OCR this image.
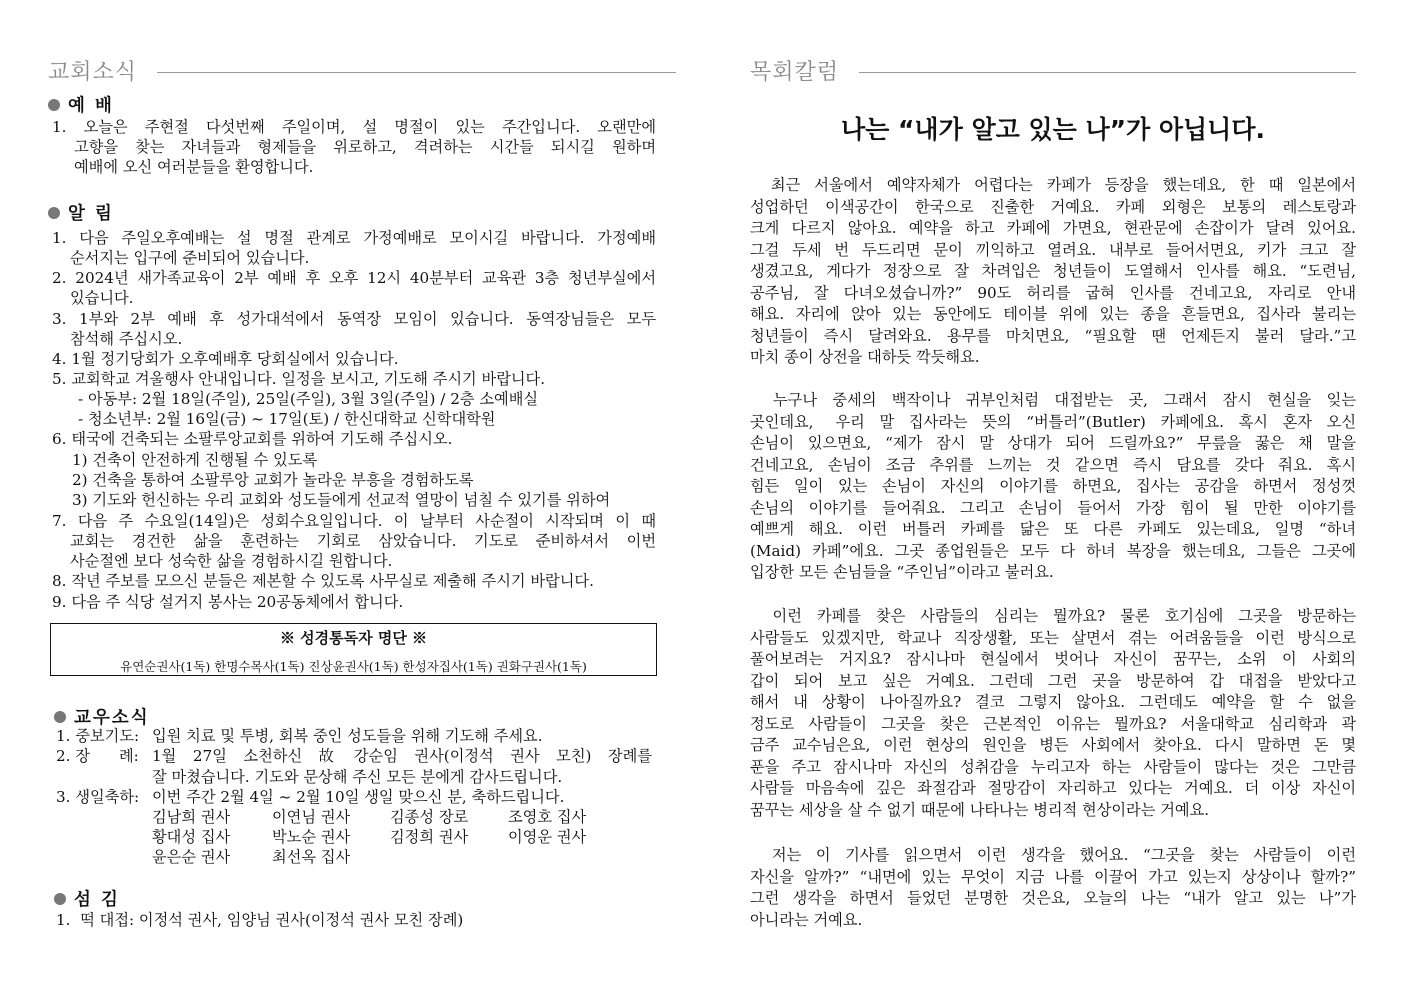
교회소식
예 배
1.  오늘은  주현절  다섯번째  주일이며,  설  명절이  있는  주간입니다.  오랜만에
고향을  찾는  자녀들과  형제들을  위로하고,  격려하는  시간들  되시길  원하며
예배에 오신 여러분들을 환영합니다.
알 림
1. 다음 주일오후예배는 설 명절 관계로 가정예배로 모이시길 바랍니다. 가정예배
순서지는 입구에 준비되어 있습니다.
2. 2024년 새가족교육이 2부 예배 후 오후 12시 40분부터 교육관 3층 청년부실에서
있습니다.
3.  1부와  2부  예배  후  성가대석에서  동역장  모임이  있습니다.  동역장님들은  모두
참석해 주십시오.
4. 1월 정기당회가 오후예배후 당회실에서 있습니다.
5. 교회학교 겨울행사 안내입니다. 일정을 보시고, 기도해 주시기 바랍니다.
- 아동부: 2월 18일(주일), 25일(주일), 3월 3일(주일) / 2층 소예배실
- 청소년부: 2월 16일(금) ~ 17일(토) / 한신대학교 신학대학원
6. 태국에 건축되는 소팔루앙교회를 위하여 기도해 주십시오.
1) 건축이 안전하게 진행될 수 있도록
2) 건축을 통하여 소팔루앙 교회가 놀라운 부흥을 경험하도록
3) 기도와 헌신하는 우리 교회와 성도들에게 선교적 열망이 넘칠 수 있기를 위하여
7.  다음  주  수요일(14일)은  성회수요일입니다.  이  날부터  사순절이  시작되며  이  때
교회는  경건한  삶을  훈련하는  기회로  삼았습니다.  기도로  준비하셔서  이번
사순절엔 보다 성숙한 삶을 경험하시길 원합니다.
8. 작년 주보를 모으신 분들은 제본할 수 있도록 사무실로 제출해 주시기 바랍니다.
9. 다음 주 식당 설거지 봉사는 20공동체에서 합니다.
※ 성경통독자 명단 ※
유연순권사(1독) 한명수목사(1독) 진상윤권사(1독) 한성자집사(1독) 권화구권사(1독)
교우소식
1. 중보기도: 입원 치료 및 투병, 회복 중인 성도들을 위해 기도해 주세요.
2. 장      례: 1월  27일  소천하신  故  강순임  권사(이정석  권사  모친)  장례를
잘 마쳤습니다. 기도와 문상해 주신 모든 분에게 감사드립니다.
3. 생일축하: 이번 주간 2월 4일 ~ 2월 10일 생일 맞으신 분, 축하드립니다.
김남희 권사	이연님 권사	김종성 장로	조영호 집사
황대성 집사	박노순 권사	김정희 권사	이영운 권사
윤은순 권사	최선옥 집사
섬 김
1.  떡 대접: 이정석 권사, 임양님 권사(이정석 권사 모친 장례)
목회칼럼
나는 “내가 알고 있는 나”가 아닙니다.
최근  서울에서  예약자체가  어렵다는  카페가  등장을  했는데요,  한  때  일본에서
성업하던  이색공간이  한국으로  진출한  거예요.  카페  외형은  보통의  레스토랑과
크게  다르지  않아요.  예약을  하고  카페에  가면요,  현관문에  손잡이가  달려  있어요.
그걸  두세  번  두드리면  문이  끼익하고  열려요.  내부로  들어서면요,  키가  크고  잘
생겼고요,  게다가  정장으로  잘  차려입은  청년들이  도열해서  인사를  해요.  “도련님,
공주님,  잘  다녀오셨습니까?”  90도  허리를  굽혀  인사를  건네고요,  자리로  안내
해요.  자리에  앉아  있는  동안에도  테이블  위에  있는  종을  흔들면요,  집사라  불리는
청년들이  즉시  달려와요.  용무를  마치면요,  “필요할  땐  언제든지  불러  달라.”고
마치 종이 상전을 대하듯 깍듯해요.
누구나  중세의  백작이나  귀부인처럼  대접받는  곳,  그래서  잠시  현실을  잊는
곳인데요,   우리  말  집사라는  뜻의  “버틀러”(Butler)  카페에요.  혹시  혼자  오신
손님이  있으면요,  “제가  잠시  말  상대가  되어  드릴까요?”  무릎을  꿇은  채  말을
건네고요,  손님이  조금  추위를  느끼는  것  같으면  즉시  담요를  갖다  줘요.  혹시
힘든  일이  있는  손님이  자신의  이야기를  하면요,  집사는  공감을  하면서  정성껏
손님의  이야기를  들어줘요.  그리고  손님이  들어서  가장  힘이  될  만한  이야기를
예쁘게  해요.  이런  버틀러  카페를  닮은  또  다른  카페도  있는데요,  일명  “하녀
(Maid)  카페”에요.  그곳  종업원들은  모두  다  하녀  복장을  했는데요,  그들은  그곳에
입장한 모든 손님들을 “주인님”이라고 불러요.
이런  카페를  찾은  사람들의  심리는  뭘까요?  물론  호기심에  그곳을  방문하는
사람들도  있겠지만,  학교나  직장생활,  또는  살면서  겪는  어려움들을  이런  방식으로
풀어보려는  거지요?  잠시나마  현실에서  벗어나  자신이  꿈꾸는,  소위  이  사회의
갑이  되어  보고  싶은  거예요.  그런데  그런  곳을  방문하여  갑  대접을  받았다고
해서  내  상황이  나아질까요?  결코  그렇지  않아요.  그런데도  예약을  할  수  없을
정도로  사람들이  그곳을  찾은  근본적인  이유는  뭘까요?  서울대학교  심리학과  곽
금주  교수님은요,  이런  현상의  원인을  병든  사회에서  찾아요.  다시  말하면  돈  몇
푼을  주고  잠시나마  자신의  성취감을  누리고자  하는  사람들이  많다는  것은  그만큼
사람들  마음속에  깊은  좌절감과  절망감이  자리하고  있다는  거예요.  더  이상  자신이
꿈꾸는 세상을 살 수 없기 때문에 나타나는 병리적 현상이라는 거예요.
저는  이  기사를  읽으면서  이런  생각을  했어요.  “그곳을  찾는  사람들이  이런
자신을  알까?”  “내면에  있는  무엇이  지금  나를  이끌어  가고  있는지  상상이나  할까?”
그런  생각을  하면서  들었던  분명한  것은요,  오늘의  나는  “내가  알고  있는  나”가
아니라는 거예요.
